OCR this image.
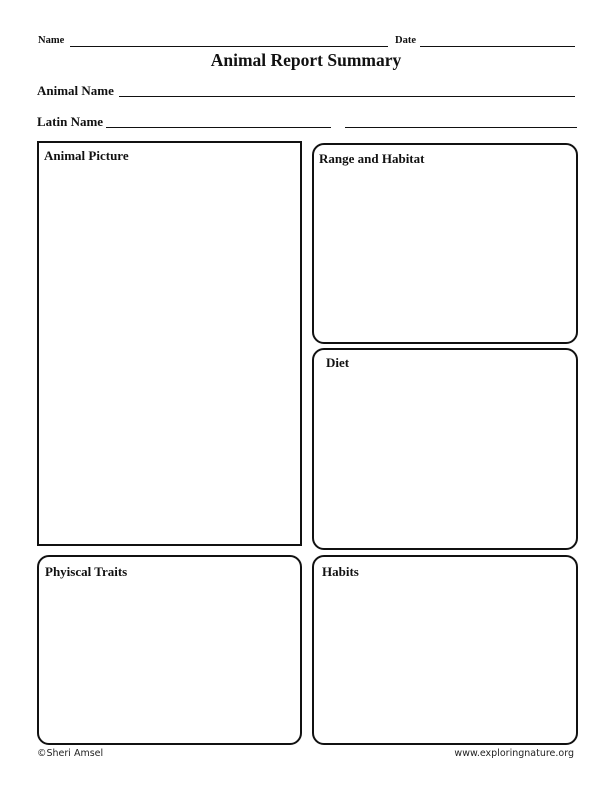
Name	Date
Animal Report Summary
Animal Name
Latin Name
Animal Picture	Range and Habitat
Diet
Phyiscal Traits	Habits
©Sheri Amsel	www.exploringnature.org
